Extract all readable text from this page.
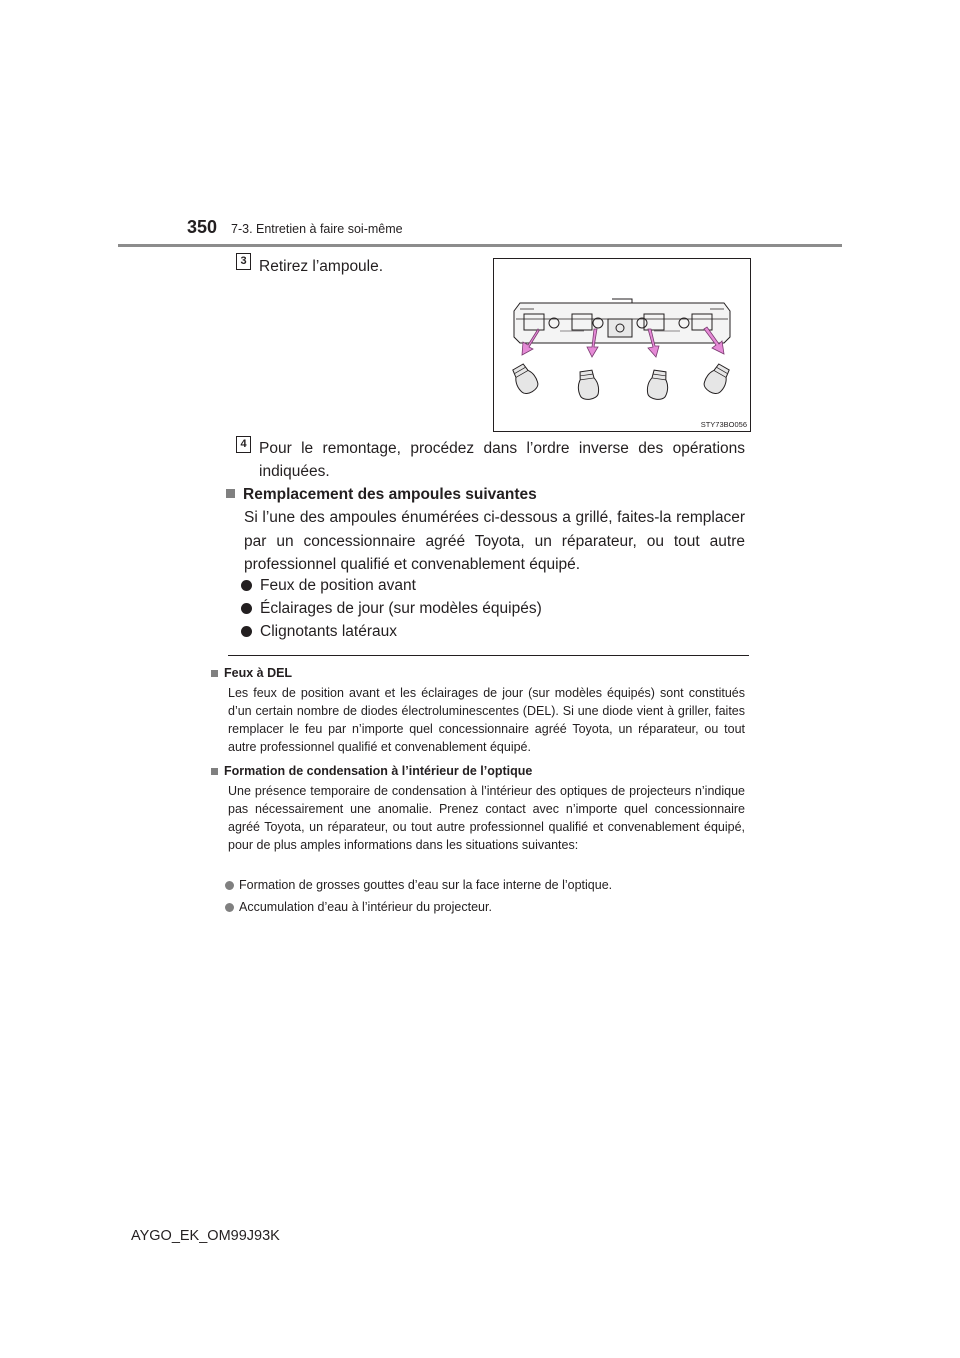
350 7-3. Entretien à faire soi-même
3 Retirez l’ampoule.
STY73BO056
4 Pour le remontage, procédez dans l’ordre inverse des opérations indiquées.
Remplacement des ampoules suivantes
Si l’une des ampoules énumérées ci-dessous a grillé, faites-la remplacer par un concessionnaire agréé Toyota, un réparateur, ou tout autre professionnel qualifié et convenablement équipé.
Feux de position avant
Éclairages de jour (sur modèles équipés)
Clignotants latéraux
Feux à DEL
Les feux de position avant et les éclairages de jour (sur modèles équipés) sont constitués d’un certain nombre de diodes électroluminescentes (DEL). Si une diode vient à griller, faites remplacer le feu par n’importe quel concessionnaire agréé Toyota, un réparateur, ou tout autre professionnel qualifié et convenablement équipé.
Formation de condensation à l’intérieur de l’optique
Une présence temporaire de condensation à l’intérieur des optiques de projecteurs n’indique pas nécessairement une anomalie. Prenez contact avec n’importe quel concessionnaire agréé Toyota, un réparateur, ou tout autre professionnel qualifié et convenablement équipé, pour de plus amples informations dans les situations suivantes:
Formation de grosses gouttes d’eau sur la face interne de l’optique.
Accumulation d’eau à l’intérieur du projecteur.
AYGO_EK_OM99J93K
